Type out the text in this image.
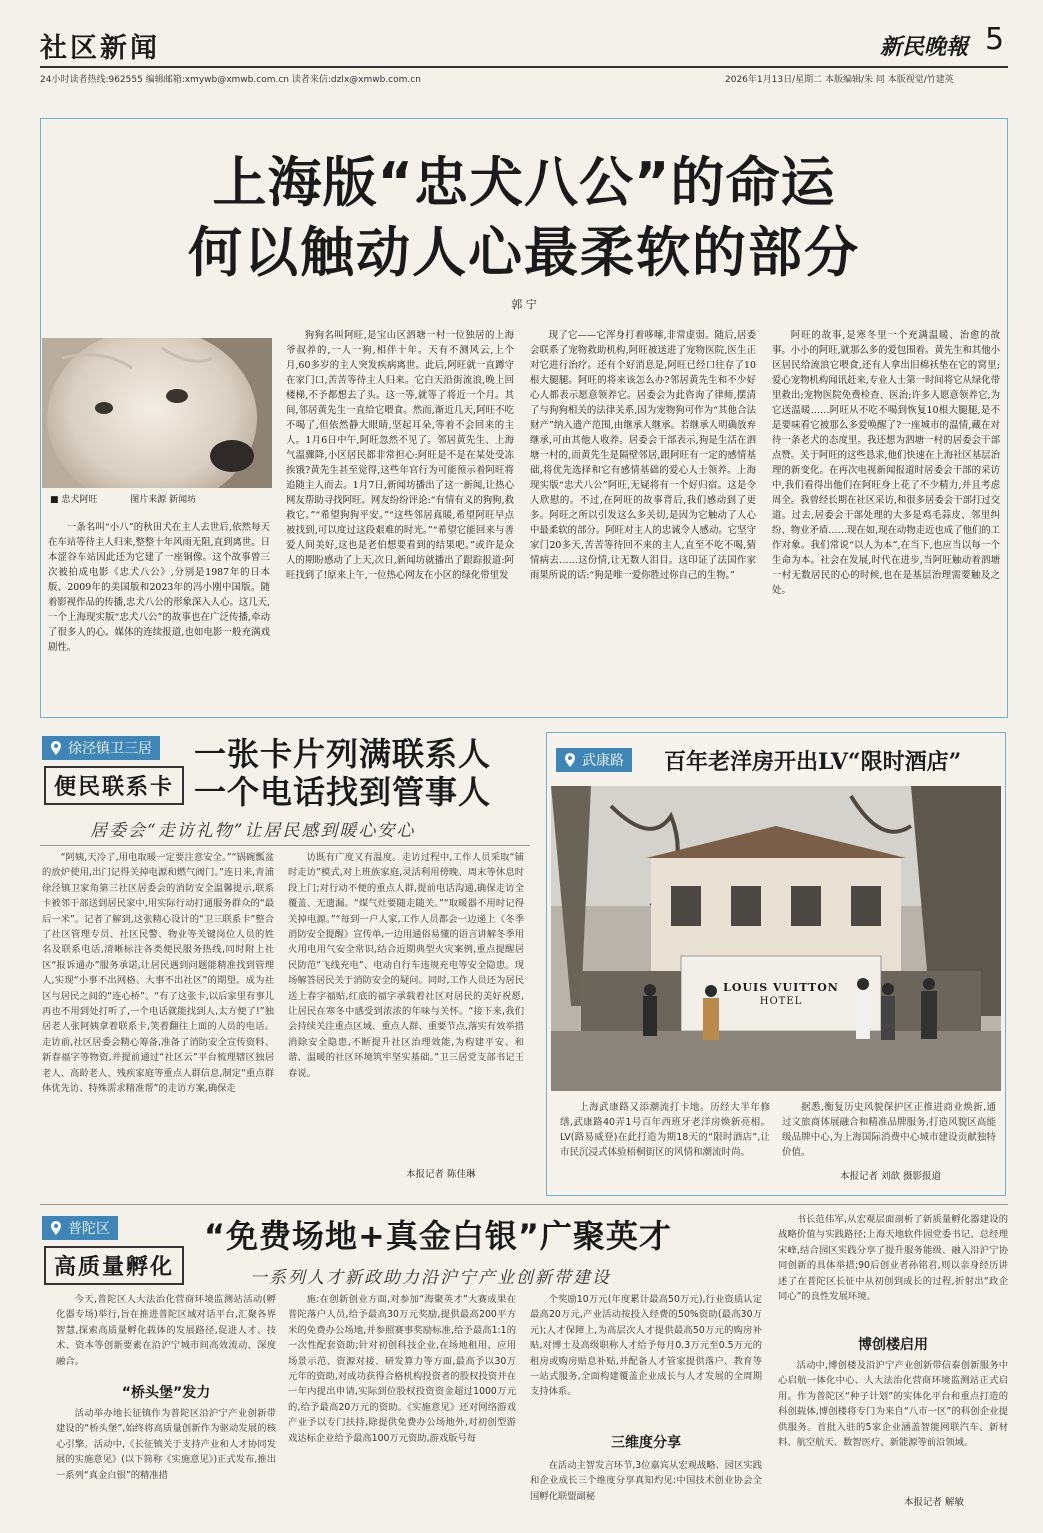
社区新闻	新民晚報 5
24小时读者热线:962555 编辑邮箱:xmywb@xmwb.com.cn 读者来信:dzlx@xmwb.com.cn	2026年1月13日/星期二 本版编辑/朱 同 本版视觉/竹建英
上海版“忠犬八公”的命运
何以触动人心最柔软的部分
郭 宁
■ 忠犬阿旺	图片来源 新闻坊
一条名叫“小八”的秋田犬在主人去世后,依然每天在车站等待主人归来,整整十年风雨无阻,直到离世。日本涩谷车站因此还为它建了一座铜像。这个故事曾三次被拍成电影《忠犬八公》,分别是1987年的日本版、2009年的美国版和2023年的冯小刚中国版。随着影视作品的传播,忠犬八公的形象深入人心。这几天,一个上海现实版“忠犬八公”的故事也在广泛传播,牵动了很多人的心。媒体的连续报道,也如电影一般充满戏剧性。
狗狗名叫阿旺,是宝山区泗塘一村一位独居的上海爷叔养的,一人一狗,相伴十年。天有不测风云,上个月,60多岁的主人突发疾病离世。此后,阿旺就一直蹲守在家门口,苦苦等待主人归来。它白天沿街流浪,晚上回楼梯,不予都想去了头。这一等,就等了将近一个月。其间,邻居黄先生一直给它喂食。然而,渐近几天,阿旺不吃不喝了,但依然静大眼睛,坚起耳朵,等着不会回来的主人。1月6日中午,阿旺忽然不见了。邻居黄先生、上海气温骤降,小区居民都非常担心:阿旺是不是在某处受冻挨饿?黄先生甚至觉得,这些年官行为可能预示着阿旺将追随主人而去。1月7日,新闻坊播出了这一新闻,让热心网友帮助寻找阿旺。网友纷纷评论:“有情有义的狗狗,救救它。”“希望狗狗平安。”“这些邻居真暖,希望阿旺早点被找到,可以度过这段艰难的时光。”“希望它能回来与善爱人间美好,这也是老伯想要看到的结果吧。”或许是众人的期盼感动了上天,次日,新闻坊就播出了跟踪报道:阿旺找到了!原来上午,一位热心网友在小区的绿化带里发
现了它——它浑身打着哆嗦,非常虚弱。随后,居委会联系了宠物救助机构,阿旺被送进了宠物医院,医生正对它进行治疗。还有个好消息是,阿旺已经口往存了10根大腿腿。阿旺的将来该怎么办?邻居黄先生和不少好心人都表示愿意领养它。居委会为此咨询了律师,摆清了与狗狗相关的法律关系,因为宠物狗可作为“其他合法财产”纳入遗产范围,由继承人继承。若继承人明确放弃继承,可由其他人收养。居委会干部表示,狗是生活在泗塘一村的,而黄先生是隔壁邻居,跟阿旺有一定的感情基础,将优先选择和它有感情基础的爱心人士领养。上海现实版“忠犬八公”阿旺,无疑将有一个好归宿。这是令人欣慰的。不过,在阿旺的故事背后,我们感动到了更多。阿旺之所以引发这么多关切,是因为它触动了人心中最柔软的部分。阿旺对主人的忠诚令人感动。它坚守家门20多天,苦苦等待回不来的主人,直至不吃不喝,猜情病去……这份情,让无数人泪目。这印证了法国作家雨果所说的话:“狗是唯一爱你胜过你自己的生物。”
阿旺的故事,是寒冬里一个充满温暖、治愈的故事。小小的阿旺,就那么多的爱包围着。黄先生和其他小区居民给流浪它喂食,还有人拿出旧棉袄垫在它的窝里;爱心宠物机构闻讯赶来,专业人士第一时间将它从绿化带里救出;宠物医院免费检查、医治;许多人愿意领养它,为它送温暖……阿旺从不吃不喝到恢复10根大腿腿,是不是要味看它被那么多爱唤醒了?一座城市的温情,藏在对待一条老犬的态度里。我还想为泗塘一村的居委会干部点赞。关于阿旺的这些恳求,他们快速在上海社区基层治理的新变化。在再次电视新闻报道时居委会干部的采访中,我们看得出他们在阿旺身上花了不少精力,并且考虑周全。我曾经长期在社区采访,和很多居委会干部打过交道。过去,居委会干部处理的大多是鸡毛蒜皮、邻里纠纷、物业矛盾……现在如,现在动物走近也成了他们的工作对象。我们常说“以人为本”,在当下,也应当以每一个生命为本。社会在发展,时代在进步,当阿旺触动着泗塘一村无数居民的心的时候,也在是基层治理需要触及之处。
徐泾镇卫三居
便民联系卡
一张卡片列满联系人
一个电话找到管事人
居委会“走访礼物”让居民感到暖心安心
“阿姨,天冷了,用电取暖一定要注意安全。”“锅碗瓢盆的放炉使用,出门记得关掉电源和燃气阀门。”连日来,青浦徐泾镇卫家角第三社区居委会的消防安全温馨提示,联系卡被邻干部送到居民家中,用实际行动打通服务群众的“最后一米”。记者了解到,这张精心设计的“卫三联系卡”整合了社区管理专员、社区民警、物业等关键岗位人员的姓名及联系电话,清晰标注各类便民服务热线,同时附上社区“报诉通办”服务承诺,让居民遇到问题能精准找到管理人,实现“小事不出网格、大事不出社区”的期望。成为社区与居民之间的“连心桥”。“有了这张卡,以后家里有事儿再也不用到处打听了,一个电话就能找到人,太方便了!”独居老人张阿姨拿着联系卡,笑着翻往上面的人员的电话。走访前,社区居委会精心筹备,准备了消防安全宣传资料、新春福字等物资,并提前通过“社区云”平台梳理辖区独居老人、高龄老人、残疾家庭等重点人群信息,制定“重点群体优先访、特殊需求精准帮”的走访方案,确保走
访既有广度又有温度。走访过程中,工作人员采取“铺时走访”模式,对上班族家庭,灵活利用傍晚、周末等休息时段上门;对行动不便的重点人群,提前电话沟通,确保走访全覆盖、无遗漏。“煤气灶要随走随关。”“取暖器不用时记得关掉电源。”“每到一户人家,工作人员都会一边递上《冬季消防安全提醒》宣传单,一边用通俗易懂的语言讲解冬季用火用电用气安全常识,结合近期典型火灾案例,重点提醒居民防范“飞线充电”、电动自行车违规充电等安全隐患。现场解答居民关于消防安全的疑问。同时,工作人员还为居民送上春字福贴,红底的福字承载着社区对居民的美好祝愿,让居民在寒冬中感受到浓浓的年味与关怀。“接下来,我们会持续关注重点区域、重点人群、重要节点,落实有效举措消除安全隐患,不断提升社区治理效能,为构建平安、和谐、温暖的社区环境筑牢坚实基础。”卫三居党支部书记王春说。
本报记者 陈佳琳
武康路 百年老洋房开出LV“限时酒店”
LOUIS VUITTON
HOTEL
上海武康路又添潮流打卡地。历经大半年修缮,武康路40弄1号百年西班牙老洋房焕新亮相。LV(路易威登)在此打造为期18天的“限时酒店”,让市民沉浸式体验梧桐街区的风情和潮流时尚。
据悉,衡复历史风貌保护区正推进商业焕新,通过文旅商体展融合和精准品牌服务,打造风貌区高能级品牌中心,为上海国际消费中心城市建设贡献独特价值。
本报记者 刘歆 摄影报道
普陀区
高质量孵化
“免费场地+真金白银”广聚英才
一系列人才新政助力沿沪宁产业创新带建设
今天,普陀区人大法治化营商环境监测站活动(孵化器专场)举行,旨在推进普陀区域对话平台,汇聚各界智慧,探索高质量孵化载体的发展路径,促进人才、技术、资本等创新要素在沿沪宁城市间高效流动、深度融合。
“桥头堡”发力
活动举办地长征镇作为普陀区沿沪宁产业创新带建设的“桥头堡”,始终将高质量创新作为驱动发展的核心引擎。活动中,《长征镇关于支持产业和人才协同发展的实施意见》(以下简称《实施意见》)正式发布,推出一系列“真金白银”的精准措
施:在创新创业方面,对参加“海聚英才”大赛成果在普陀落户人员,给予最高30万元奖励,提供最高200平方米的免费办公场地,并参照赛事奖励标准,给予最高1:1的一次性配套资助;针对初创科技企业,在场地租用、应用场景示范、资源对接、研发算力等方面,最高予以30万元年的资助,对成功获得合格机构投资者的股权投资并在一年内提出申请,实际到位股权投资资金超过1000万元的,给予最高20万元的资助。《实施意见》还对网络游戏产业予以专门扶持,除提供免费办公场地外,对初创型游戏达标企业给予最高100万元资助,游戏版号每
个奖励10万元(年度累计最高50万元),行业资质认定最高20万元,产业活动按投入经费的50%资助(最高30万元);人才保障上,为高层次人才提供最高50万元的购房补贴,对博士及高级职称人才给予每月0.3万元至0.5万元的租房或购房贴息补贴,并配备人才管家提供落户、教育等一站式服务,全面构建覆盖企业成长与人才发展的全周期支持体系。
三维度分享
在活动主智发言环节,3位嘉宾从宏观战略、园区实践和企业成长三个维度分享真知灼见:中国技术创业协会全国孵化联盟副秘
书长范伟军,从宏观层面剖析了新质量孵化器建设的战略价值与实践路径;上海天地软件园党委书记、总经理宋峰,结合园区实践分享了提升服务能级、融入沿沪宁协同创新的具体举措;90后创业者孙铭君,则以亲身经历讲述了在普陀区长征中从初创到成长的过程,折射出“政企同心”的良性发展环境。
博创楼启用
活动中,博创楼及沿沪宁产业创新带信泰创新服务中心启航一体化中心、人大法治化营商环境监测站正式启用。作为普陀区“种子计划”的实体化平台和重点打造的科创载体,博创楼将专门为来自“八市一区”的科创企业提供服务。首批入驻的5家企业涵盖智能网联汽车、新材料、航空航天、数智医疗、新能源等前沿领域。
本报记者 解敏
